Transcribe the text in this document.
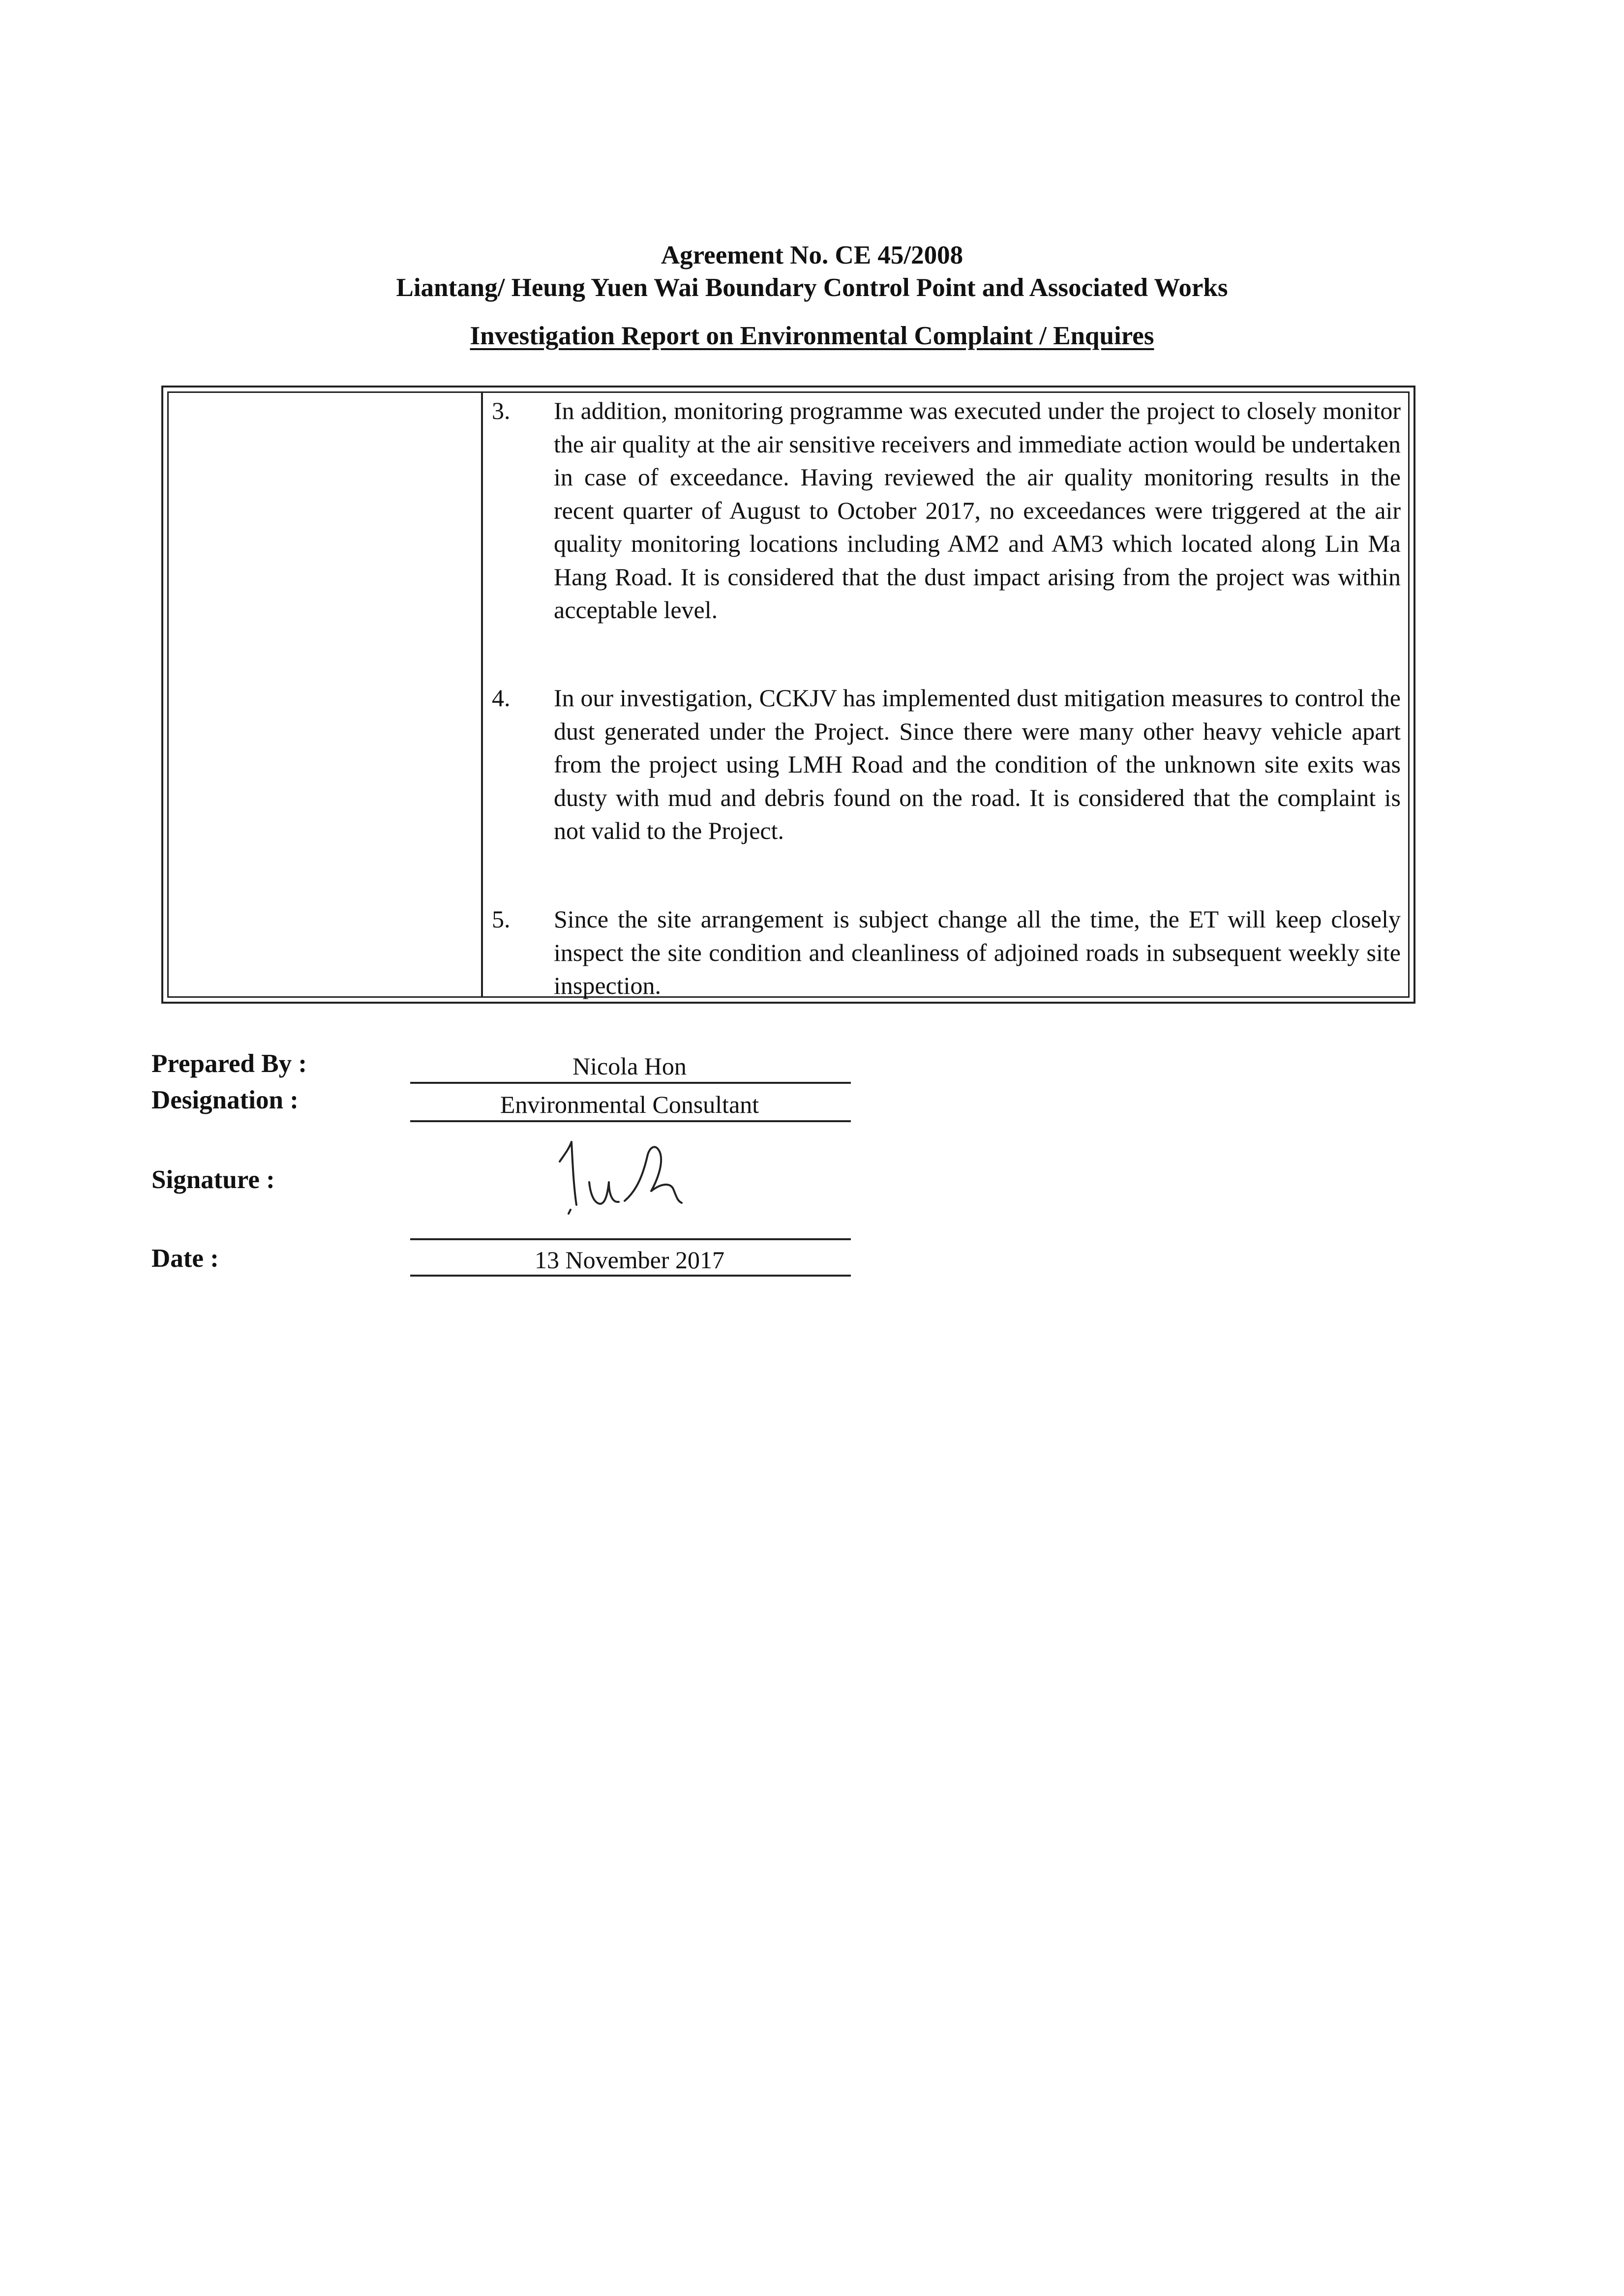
Agreement No. CE 45/2008
Liantang/ Heung Yuen Wai Boundary Control Point and Associated Works
Investigation Report on Environmental Complaint / Enquires
3. In addition, monitoring programme was executed under the project to closely monitor the air quality at the air sensitive receivers and immediate action would be undertaken in case of exceedance. Having reviewed the air quality monitoring results in the recent quarter of August to October 2017, no exceedances were triggered at the air quality monitoring locations including AM2 and AM3 which located along Lin Ma Hang Road. It is considered that the dust impact arising from the project was within acceptable level.
4. In our investigation, CCKJV has implemented dust mitigation measures to control the dust generated under the Project. Since there were many other heavy vehicle apart from the project using LMH Road and the condition of the unknown site exits was dusty with mud and debris found on the road. It is considered that the complaint is not valid to the Project.
5. Since the site arrangement is subject change all the time, the ET will keep closely inspect the site condition and cleanliness of adjoined roads in subsequent weekly site inspection.
Prepared By :	Nicola Hon
Designation :	Environmental Consultant
Signature :
Date :	13 November 2017
